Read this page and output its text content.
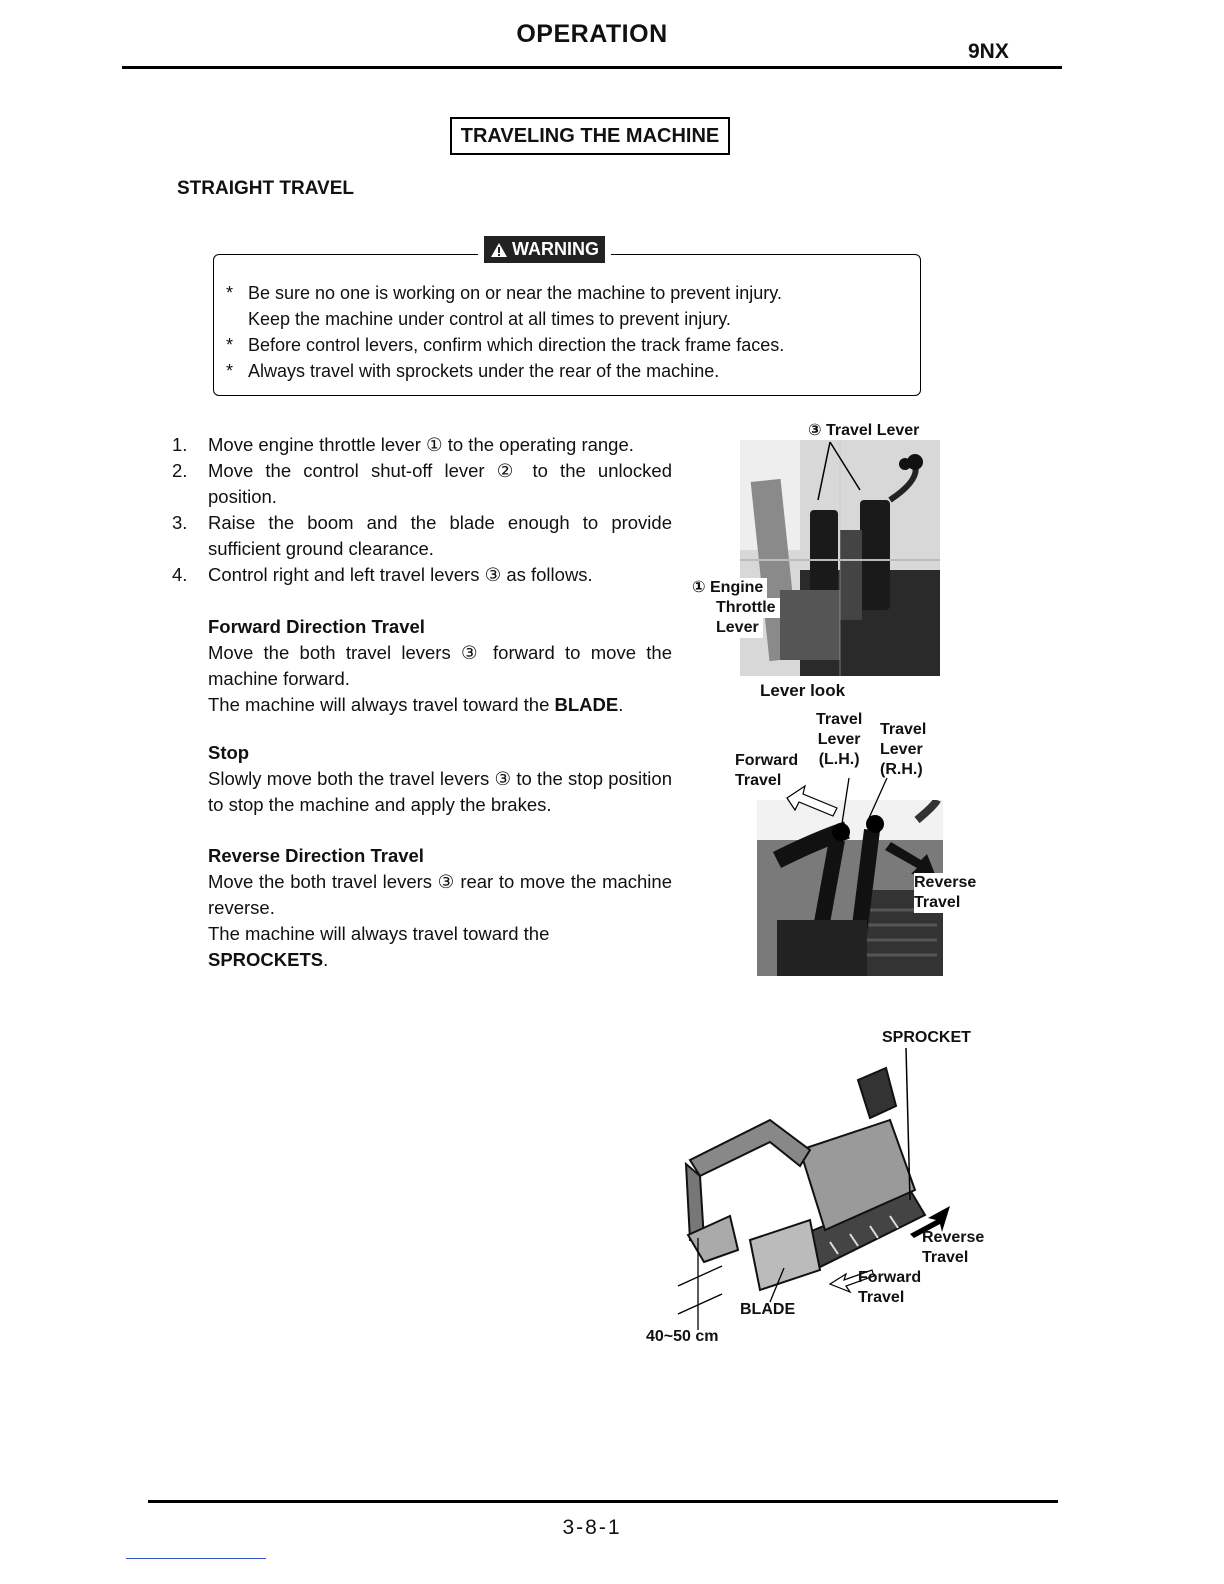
OPERATION
9NX
TRAVELING THE MACHINE
STRAIGHT TRAVEL
WARNING
* Be sure no one is working on or near the machine to prevent injury.
Keep the machine under control at all times to prevent injury.
* Before control levers, confirm which direction the track frame faces.
* Always travel with sprockets under the rear of the machine.
1.	Move engine throttle lever ① to the operating range.
2.	Move the control shut-off lever ② to the unlocked position.
3.	Raise the boom and the blade enough to provide sufficient ground clearance.
4.	Control right and left travel levers ③ as follows.
Forward Direction Travel
Move the both travel levers ③ forward to move the machine forward.
The machine will always travel toward the BLADE.
Stop
Slowly move both the travel levers ③ to the stop position to stop the machine and apply the brakes.
Reverse Direction Travel
Move the both travel levers ③ rear to move the machine reverse.
The machine will always travel toward the
SPROCKETS.
③ Travel Lever
① Engine
Throttle
Lever
Lever look
Travel
Lever
(L.H.)
Travel
Lever
(R.H.)
Forward
Travel
Reverse
Travel
SPROCKET
Reverse
Travel
Forward
Travel
BLADE
40~50 cm
3-8-1
